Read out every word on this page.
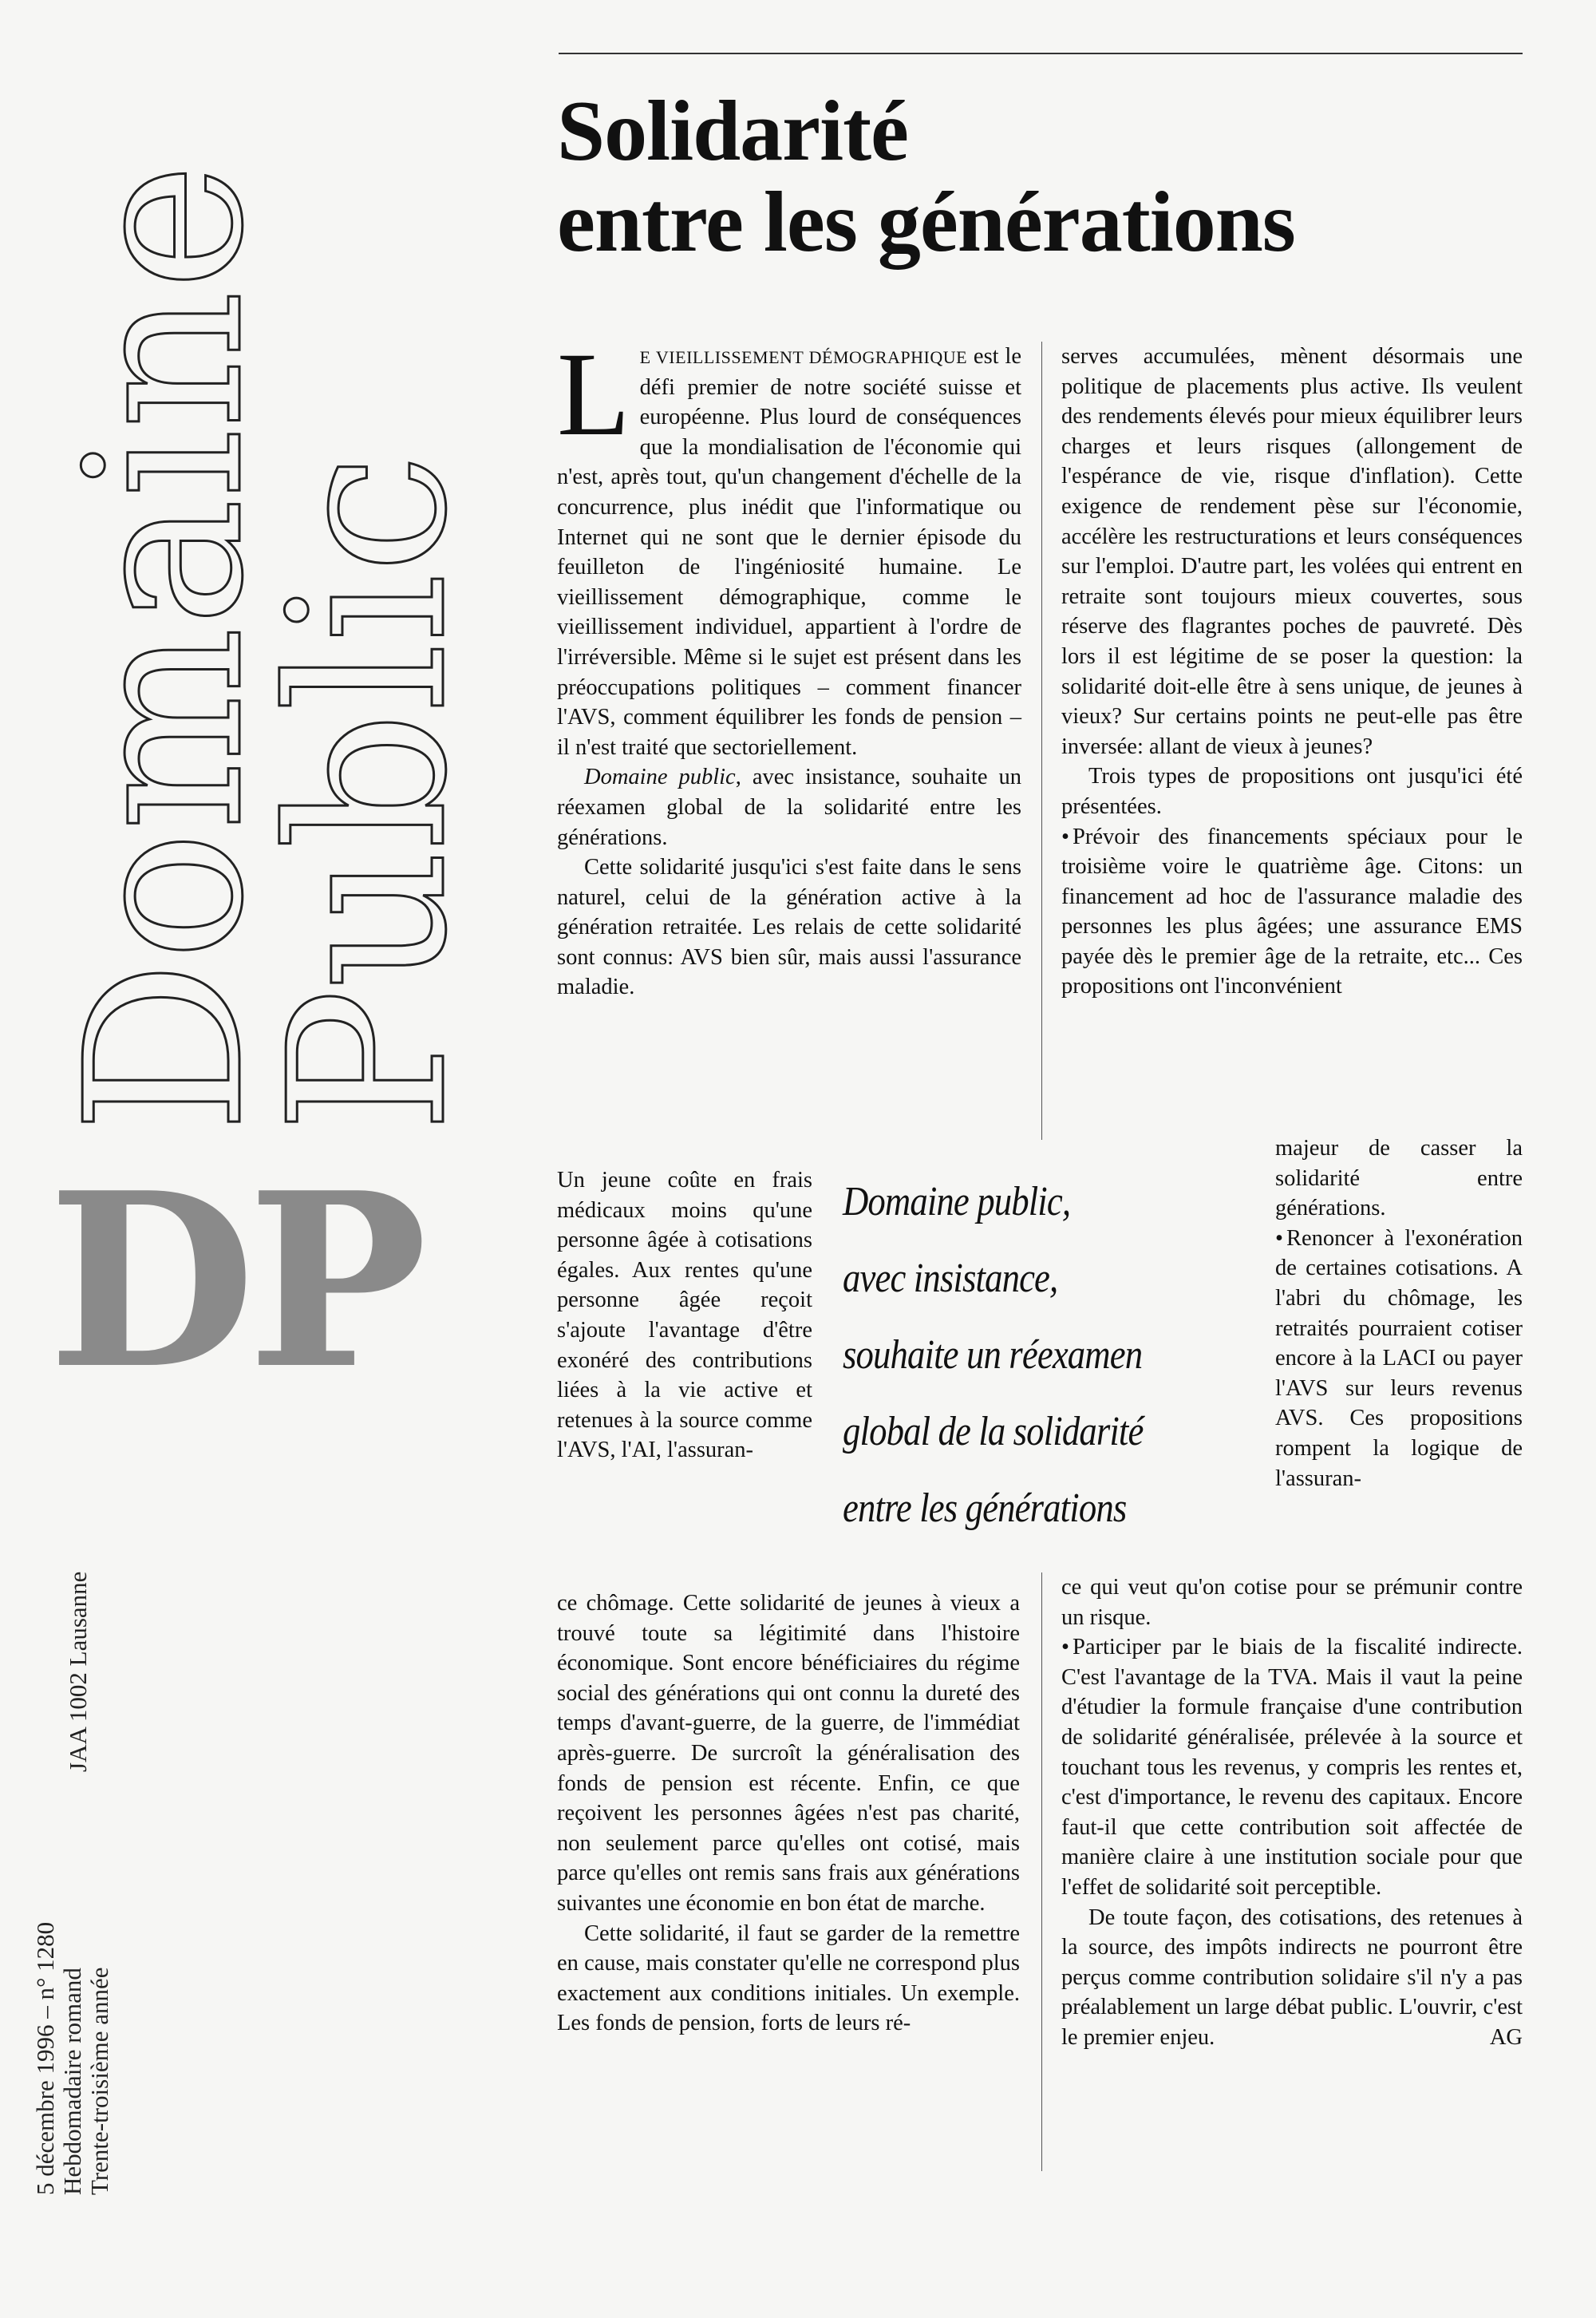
Domaine
Public
DP
5 décembre 1996 – n° 1280 Hebdomadaire romand Trente-troisième année
JAA 1002 Lausanne
Solidarité
entre les générations

LE VIEILLISSEMENT DÉMOGRAPHIQUE est le défi premier de notre société suisse et européenne. Plus lourd de conséquences que la mondialisation de l'économie qui n'est, après tout, qu'un changement d'échelle de la concurrence, plus inédit que l'informatique ou Internet qui ne sont que le dernier épisode du feuilleton de l'ingéniosité humaine. Le vieillissement démographique, comme le vieillissement individuel, appartient à l'ordre de l'irréversible. Même si le sujet est présent dans les préoccupations politiques – comment financer l'AVS, comment équilibrer les fonds de pension – il n'est traité que sectoriellement.

Domaine public, avec insistance, souhaite un réexamen global de la solidarité entre les générations.

Cette solidarité jusqu'ici s'est faite dans le sens naturel, celui de la génération active à la génération retraitée. Les relais de cette solidarité sont connus: AVS bien sûr, mais aussi l'assurance maladie.

Un jeune coûte en frais médicaux moins qu'une personne âgée à cotisations égales. Aux rentes qu'une personne âgée reçoit s'ajoute l'avantage d'être exonéré des contributions liées à la vie active et retenues à la source comme l'AVS, l'AI, l'assuran-

Domaine public,
avec insistance,
souhaite un réexamen
global de la solidarité
entre les générations

ce chômage. Cette solidarité de jeunes à vieux a trouvé toute sa légitimité dans l'histoire économique. Sont encore bénéficiaires du régime social des générations qui ont connu la dureté des temps d'avant-guerre, de la guerre, de l'immédiat après-guerre. De surcroît la généralisation des fonds de pension est récente. Enfin, ce que reçoivent les personnes âgées n'est pas charité, non seulement parce qu'elles ont cotisé, mais parce qu'elles ont remis sans frais aux générations suivantes une économie en bon état de marche.

Cette solidarité, il faut se garder de la remettre en cause, mais constater qu'elle ne correspond plus exactement aux conditions initiales. Un exemple. Les fonds de pension, forts de leurs ré-

serves accumulées, mènent désormais une politique de placements plus active. Ils veulent des rendements élevés pour mieux équilibrer leurs charges et leurs risques (allongement de l'espérance de vie, risque d'inflation). Cette exigence de rendement pèse sur l'économie, accélère les restructurations et leurs conséquences sur l'emploi. D'autre part, les volées qui entrent en retraite sont toujours mieux couvertes, sous réserve des flagrantes poches de pauvreté. Dès lors il est légitime de se poser la question: la solidarité doit-elle être à sens unique, de jeunes à vieux? Sur certains points ne peut-elle pas être inversée: allant de vieux à jeunes?

Trois types de propositions ont jusqu'ici été présentées.

• Prévoir des financements spéciaux pour le troisième voire le quatrième âge. Citons: un financement ad hoc de l'assurance maladie des personnes les plus âgées; une assurance EMS payée dès le premier âge de la retraite, etc... Ces propositions ont l'inconvénient

majeur de casser la solidarité entre générations.

• Renoncer à l'exonération de certaines cotisations. A l'abri du chômage, les retraités pourraient cotiser encore à la LACI ou payer l'AVS sur leurs revenus AVS. Ces propositions rompent la logique de l'assuran-

ce qui veut qu'on cotise pour se prémunir contre un risque.

• Participer par le biais de la fiscalité indirecte. C'est l'avantage de la TVA. Mais il vaut la peine d'étudier la formule française d'une contribution de solidarité généralisée, prélevée à la source et touchant tous les revenus, y compris les rentes et, c'est d'importance, le revenu des capitaux. Encore faut-il que cette contribution soit affectée de manière claire à une institution sociale pour que l'effet de solidarité soit perceptible.

De toute façon, des cotisations, des retenues à la source, des impôts indirects ne pourront être perçus comme contribution solidaire s'il n'y a pas préalablement un large débat public. L'ouvrir, c'est le premier enjeu.	AG
